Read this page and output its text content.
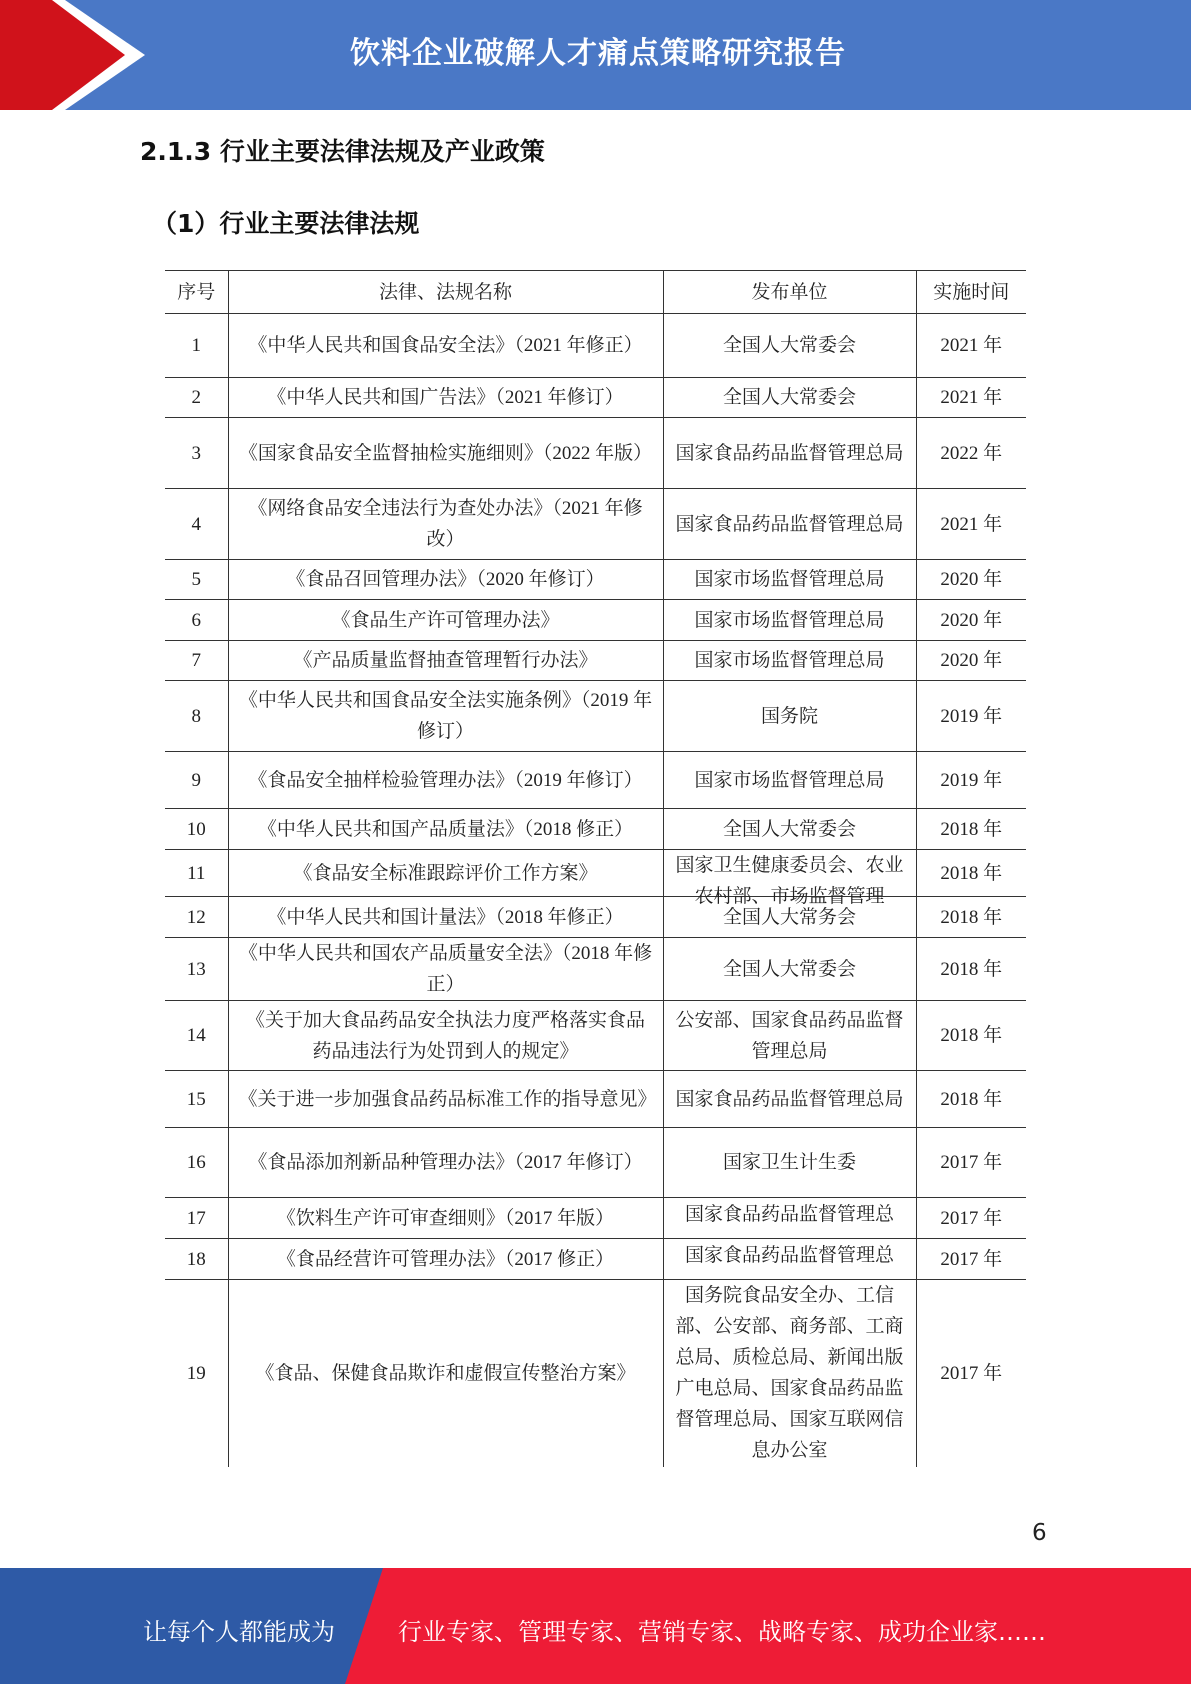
饮料企业破解人才痛点策略研究报告
2.1.3 行业主要法律法规及产业政策
（1）行业主要法律法规
序号	法律、法规名称	发布单位	实施时间
1	《中华人民共和国食品安全法》（2021 年修正）	全国人大常委会	2021 年
2	《中华人民共和国广告法》（2021 年修订）	全国人大常委会	2021 年
3	《国家食品安全监督抽检实施细则》（2022 年版）	国家食品药品监督管理总局	2022 年
4	《网络食品安全违法行为查处办法》（2021 年修改）	国家食品药品监督管理总局	2021 年
5	《食品召回管理办法》（2020 年修订）	国家市场监督管理总局	2020 年
6	《食品生产许可管理办法》	国家市场监督管理总局	2020 年
7	《产品质量监督抽查管理暂行办法》	国家市场监督管理总局	2020 年
8	《中华人民共和国食品安全法实施条例》（2019 年修订）	国务院	2019 年
9	《食品安全抽样检验管理办法》（2019 年修订）	国家市场监督管理总局	2019 年
10	《中华人民共和国产品质量法》（2018 修正）	全国人大常委会	2018 年
11	《食品安全标准跟踪评价工作方案》	国家卫生健康委员会、农业农村部、市场监督管理	2018 年
12	《中华人民共和国计量法》（2018 年修正）	全国人大常务会	2018 年
13	《中华人民共和国农产品质量安全法》（2018 年修正）	全国人大常委会	2018 年
14	《关于加大食品药品安全执法力度严格落实食品药品违法行为处罚到人的规定》	公安部、国家食品药品监督管理总局	2018 年
15	《关于进一步加强食品药品标准工作的指导意见》	国家食品药品监督管理总局	2018 年
16	《食品添加剂新品种管理办法》（2017 年修订）	国家卫生计生委	2017 年
17	《饮料生产许可审查细则》（2017 年版）	国家食品药品监督管理总	2017 年
18	《食品经营许可管理办法》（2017 修正）	国家食品药品监督管理总	2017 年
19	《食品、保健食品欺诈和虚假宣传整治方案》	国务院食品安全办、工信部、公安部、商务部、工商总局、质检总局、新闻出版广电总局、国家食品药品监督管理总局、国家互联网信息办公室	2017 年
6
让每个人都能成为	行业专家、管理专家、营销专家、战略专家、成功企业家……
